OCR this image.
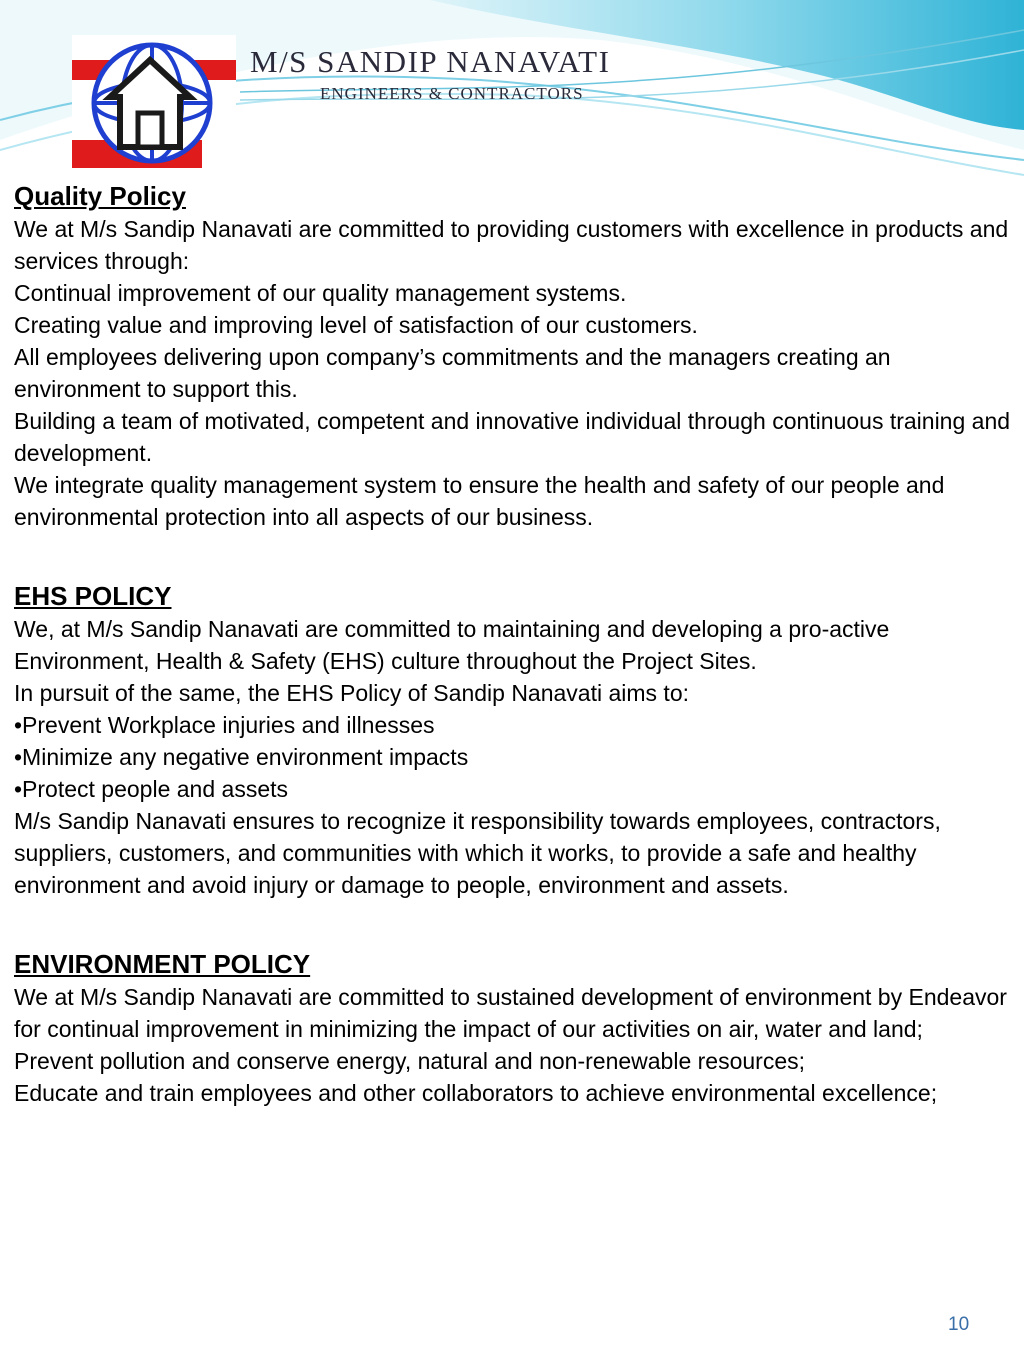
M/S SANDIP NANAVATI
ENGINEERS & CONTRACTORS
Quality Policy

We at M/s Sandip Nanavati are committed to providing customers with excellence in products and services through:

Continual improvement of our quality management systems.

Creating value and improving level of satisfaction of our customers.

All employees delivering upon company’s commitments and the managers creating an environment to support this.

Building a team of motivated, competent and innovative individual through continuous training and development.

We integrate quality management system to ensure the health and safety of our people and environmental protection into all aspects of our business.

EHS POLICY

We, at M/s Sandip Nanavati are committed to maintaining and developing a pro-active Environment, Health & Safety (EHS) culture throughout the Project Sites.

In pursuit of the same, the EHS Policy of Sandip Nanavati aims to:

•Prevent Workplace injuries and illnesses

•Minimize any negative environment impacts

•Protect people and assets

M/s Sandip Nanavati ensures to recognize it responsibility towards employees, contractors, suppliers, customers, and communities with which it works, to provide a safe and healthy environment and avoid injury or damage to people, environment and assets.

ENVIRONMENT POLICY

We at M/s Sandip Nanavati are committed to sustained development of environment by Endeavor for continual improvement in minimizing the impact of our activities on air, water and land;

Prevent pollution and conserve energy, natural and non-renewable resources;

Educate and train employees and other collaborators to achieve environmental excellence;

10
